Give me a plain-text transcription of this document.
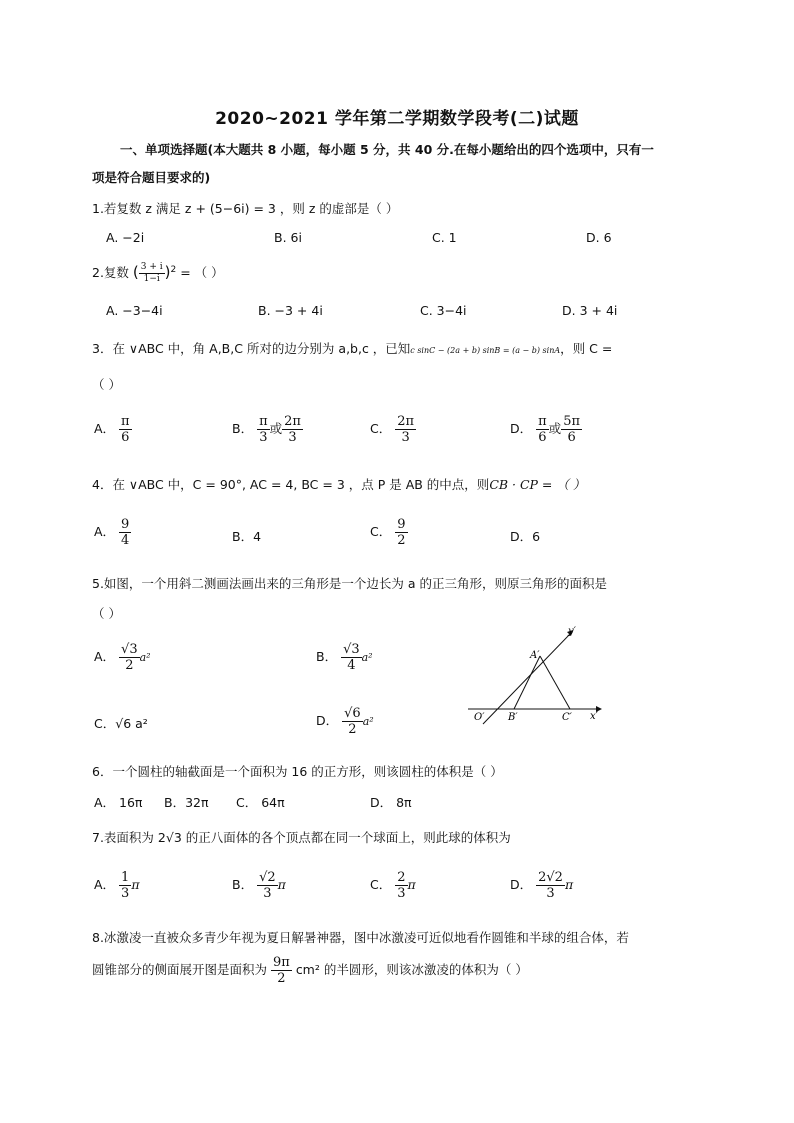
2020~2021 学年第二学期数学段考(二)试题
一、单项选择题(本大题共 8 小题，每小题 5 分，共 40 分.在每小题给出的四个选项中，只有一
项是符合题目要求的)
1.若复数 z 满足 z + (5−6i) = 3 ，则 z 的虚部是（ ）
A. −2i	B. 6i	C. 1	D. 6
2.复数 ( $\frac{3 + i}{1-i} )^2$ = （ ）
A. −3−4i	B. −3 + 4i	C. 3−4i	D. 3 + 4i
3．在 ∨ABC 中，角 A,B,C 所对的边分别为 a,b,c ，已知c sinC − (2a + b) sinB = (a − b) sinA，则 C =
（ ）
A． $\frac{\pi}{6}$	B． $\frac{\pi}{3}$ 或 $\frac{2\pi}{3}$	C． $\frac{2\pi}{3}$	D． $\frac{\pi}{6}$ 或 $\frac{5\pi}{6}$
4．在 ∨ABC 中，C = 90°, AC = 4, BC = 3 ，点 P 是 AB 的中点，则CB · CP = （ ）
A． $\frac{9}{4}$	B．4	C． $\frac{9}{2}$	D．6
5.如图，一个用斜二测画法画出来的三角形是一个边长为 a 的正三角形，则原三角形的面积是
（ ）
A． $\frac{√3}{2} a^2$	B． $\frac{√3}{4} a^2$
C．√6 a²	D． $\frac{√6}{2} a^2$
y′
x′
A′
O′ B′	C′
6．一个圆柱的轴截面是一个面积为 16 的正方形，则该圆柱的体积是（ ）
A． 16π B．32π C． 64π	D． 8π
7.表面积为 2√3 的正八面体的各个顶点都在同一个球面上，则此球的体积为
A． $\frac{1}{3}$ π	B． $\frac{√2}{3}$ π	C． $\frac{2}{3}$ π	D． $\frac{2√2}{3}$ π
8.冰激凌一直被众多青少年视为夏日解暑神器，图中冰激凌可近似地看作圆锥和半球的组合体，若
圆锥部分的侧面展开图是面积为 $\frac{9\pi}{2} cm^2$ 的半圆形，则该冰激凌的体积为（ ）
